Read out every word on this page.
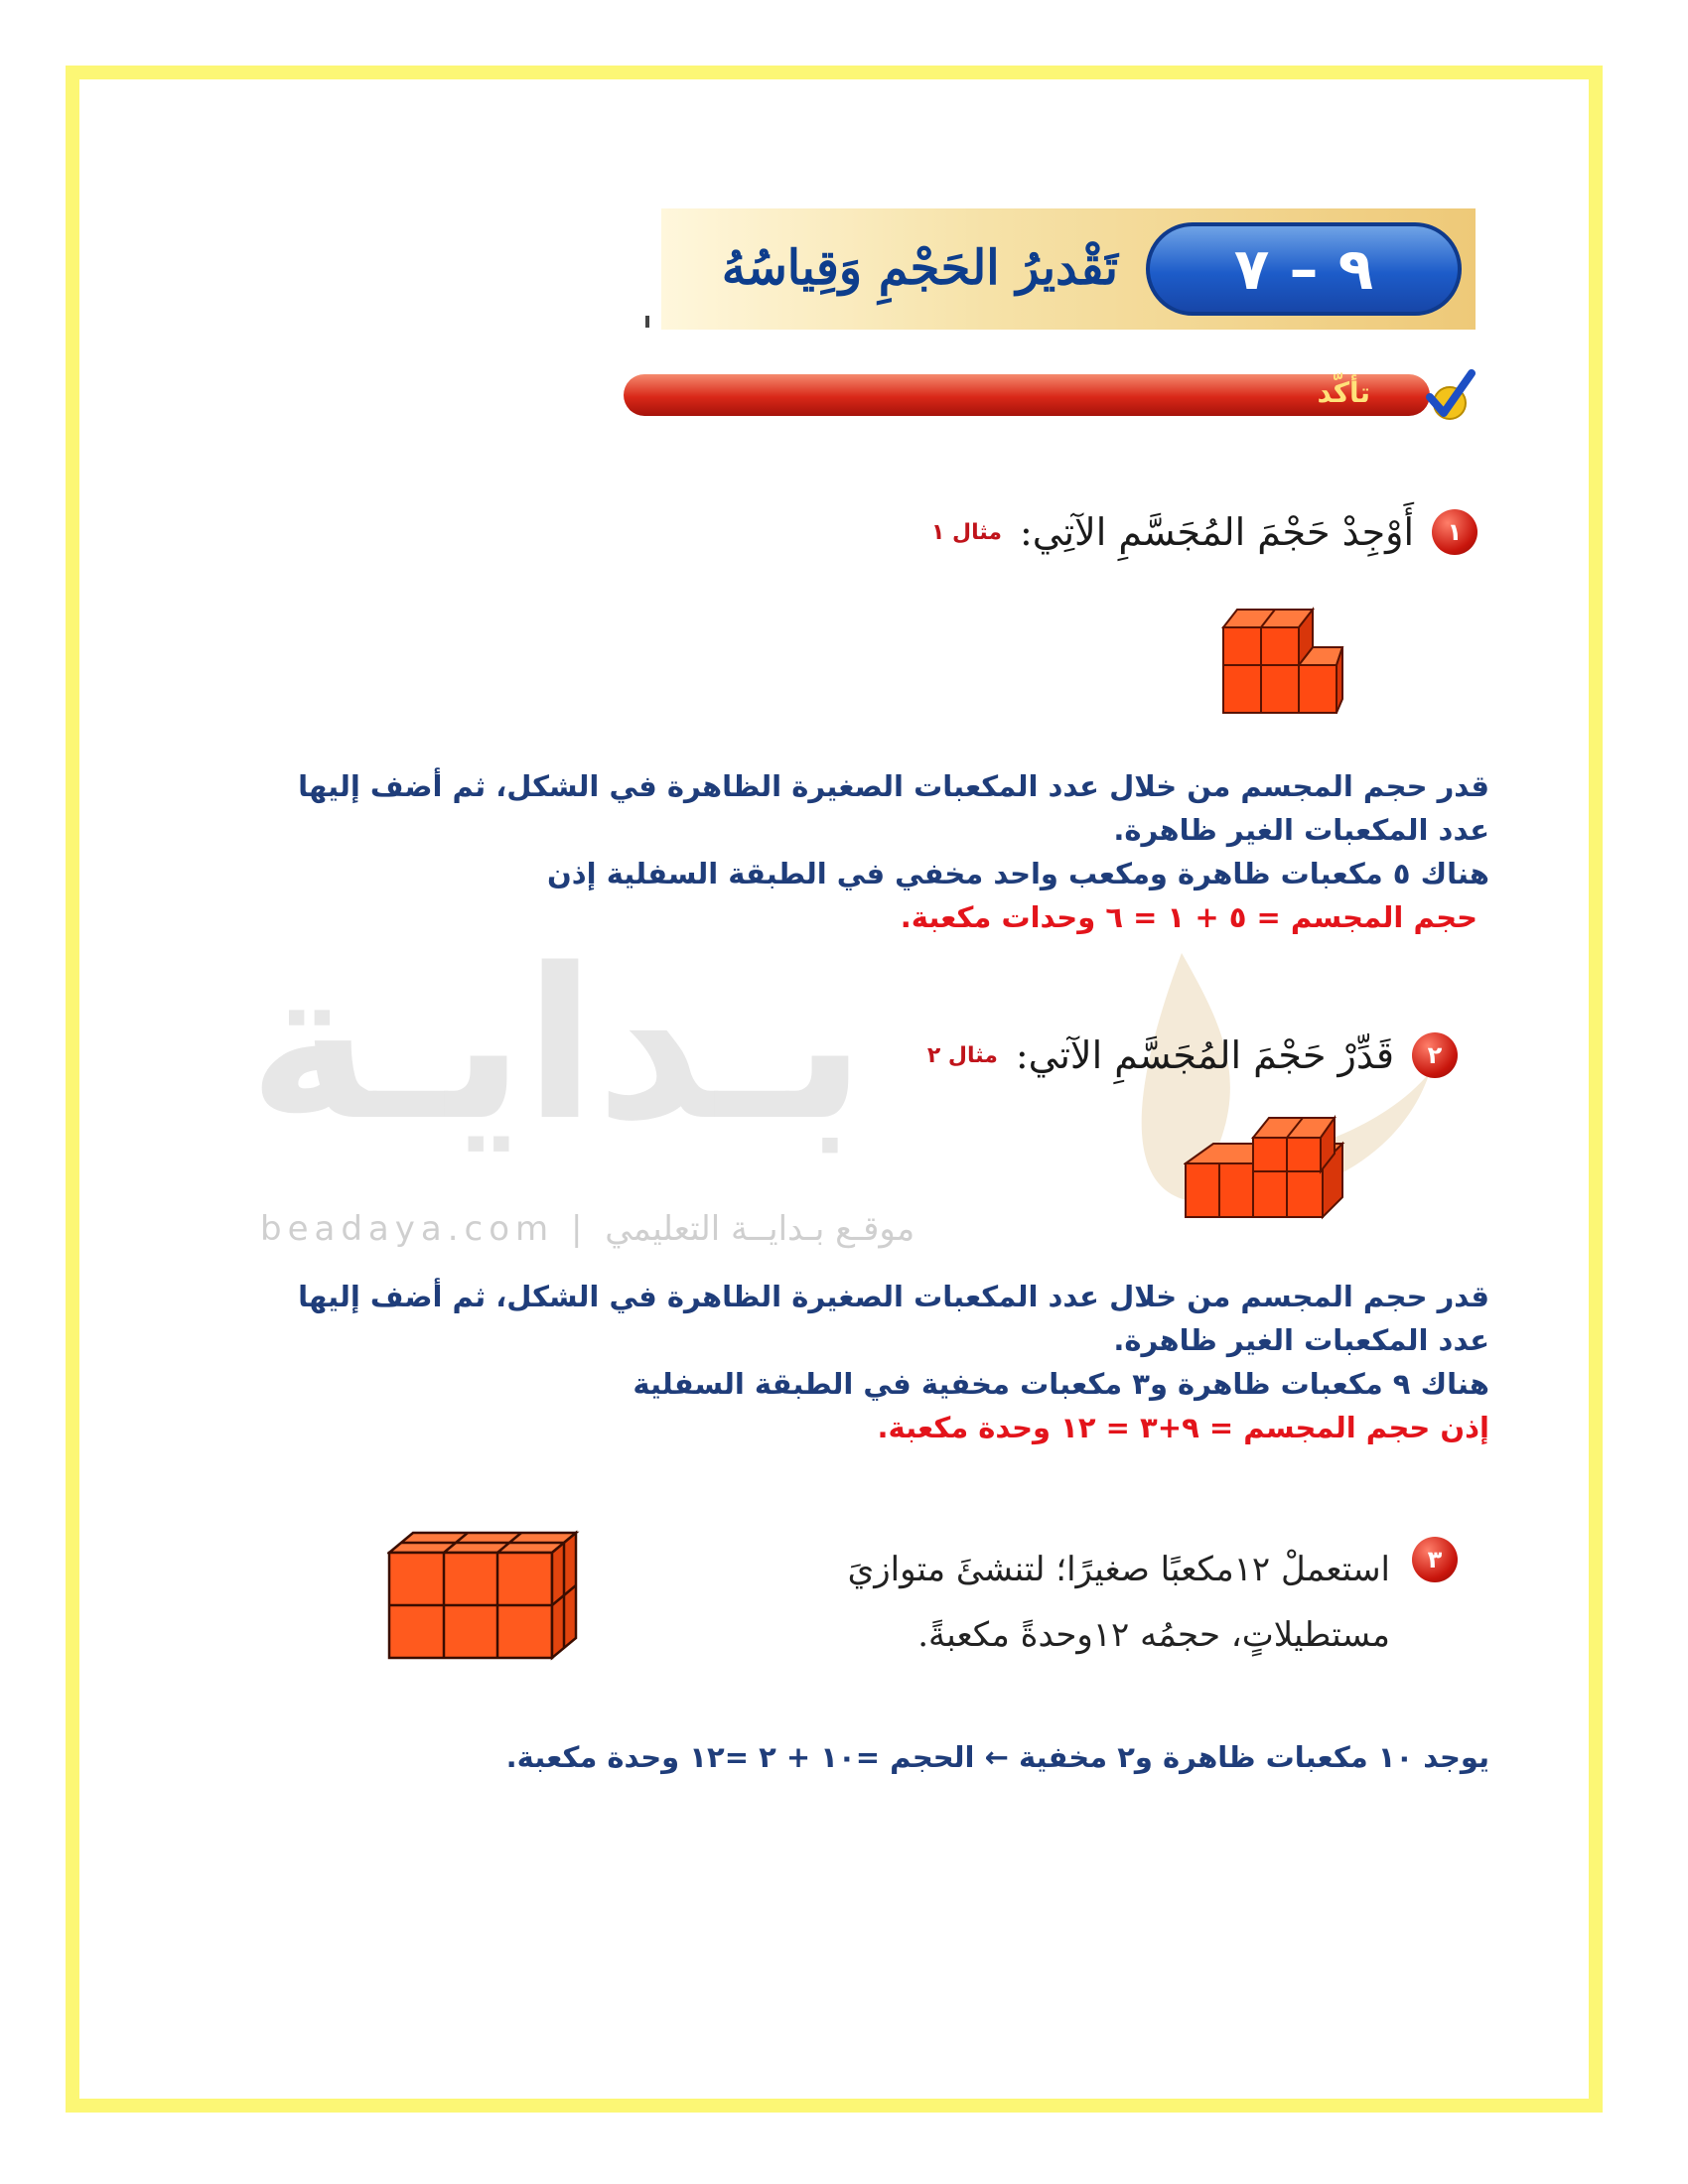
بـدايـة
beadaya.com | موقـع بـدايــة التعليمي
٩ – ٧
تَقْديرُ الحَجْمِ وَقِياسُهُ
تأكّد
١
أَوْجِدْ حَجْمَ المُجَسَّمِ الآتِي:
مثال ١
قدر حجم المجسم من خلال عدد المكعبات الصغيرة الظاهرة في الشكل، ثم أضف إليها عدد المكعبات الغير ظاهرة.
هناك ٥ مكعبات ظاهرة ومكعب واحد مخفي في الطبقة السفلية إذن
حجم المجسم = ٥ + ١ = ٦ وحدات مكعبة.
٢
قَدِّرْ حَجْمَ المُجَسَّمِ الآتي:
مثال ٢
قدر حجم المجسم من خلال عدد المكعبات الصغيرة الظاهرة في الشكل، ثم أضف إليها عدد المكعبات الغير ظاهرة.
هناك ٩ مكعبات ظاهرة و٣ مكعبات مخفية في الطبقة السفلية
إذن حجم المجسم = ٩+٣ = ١٢ وحدة مكعبة.
٣
استعملْ ١٢مكعبًا صغيرًا؛ لتنشئَ متوازيَ مستطيلاتٍ، حجمُه ١٢وحدةً مكعبةً.
يوجد ١٠ مكعبات ظاهرة و٢ مخفية ← الحجم =١٠ + ٢ =١٢ وحدة مكعبة.
